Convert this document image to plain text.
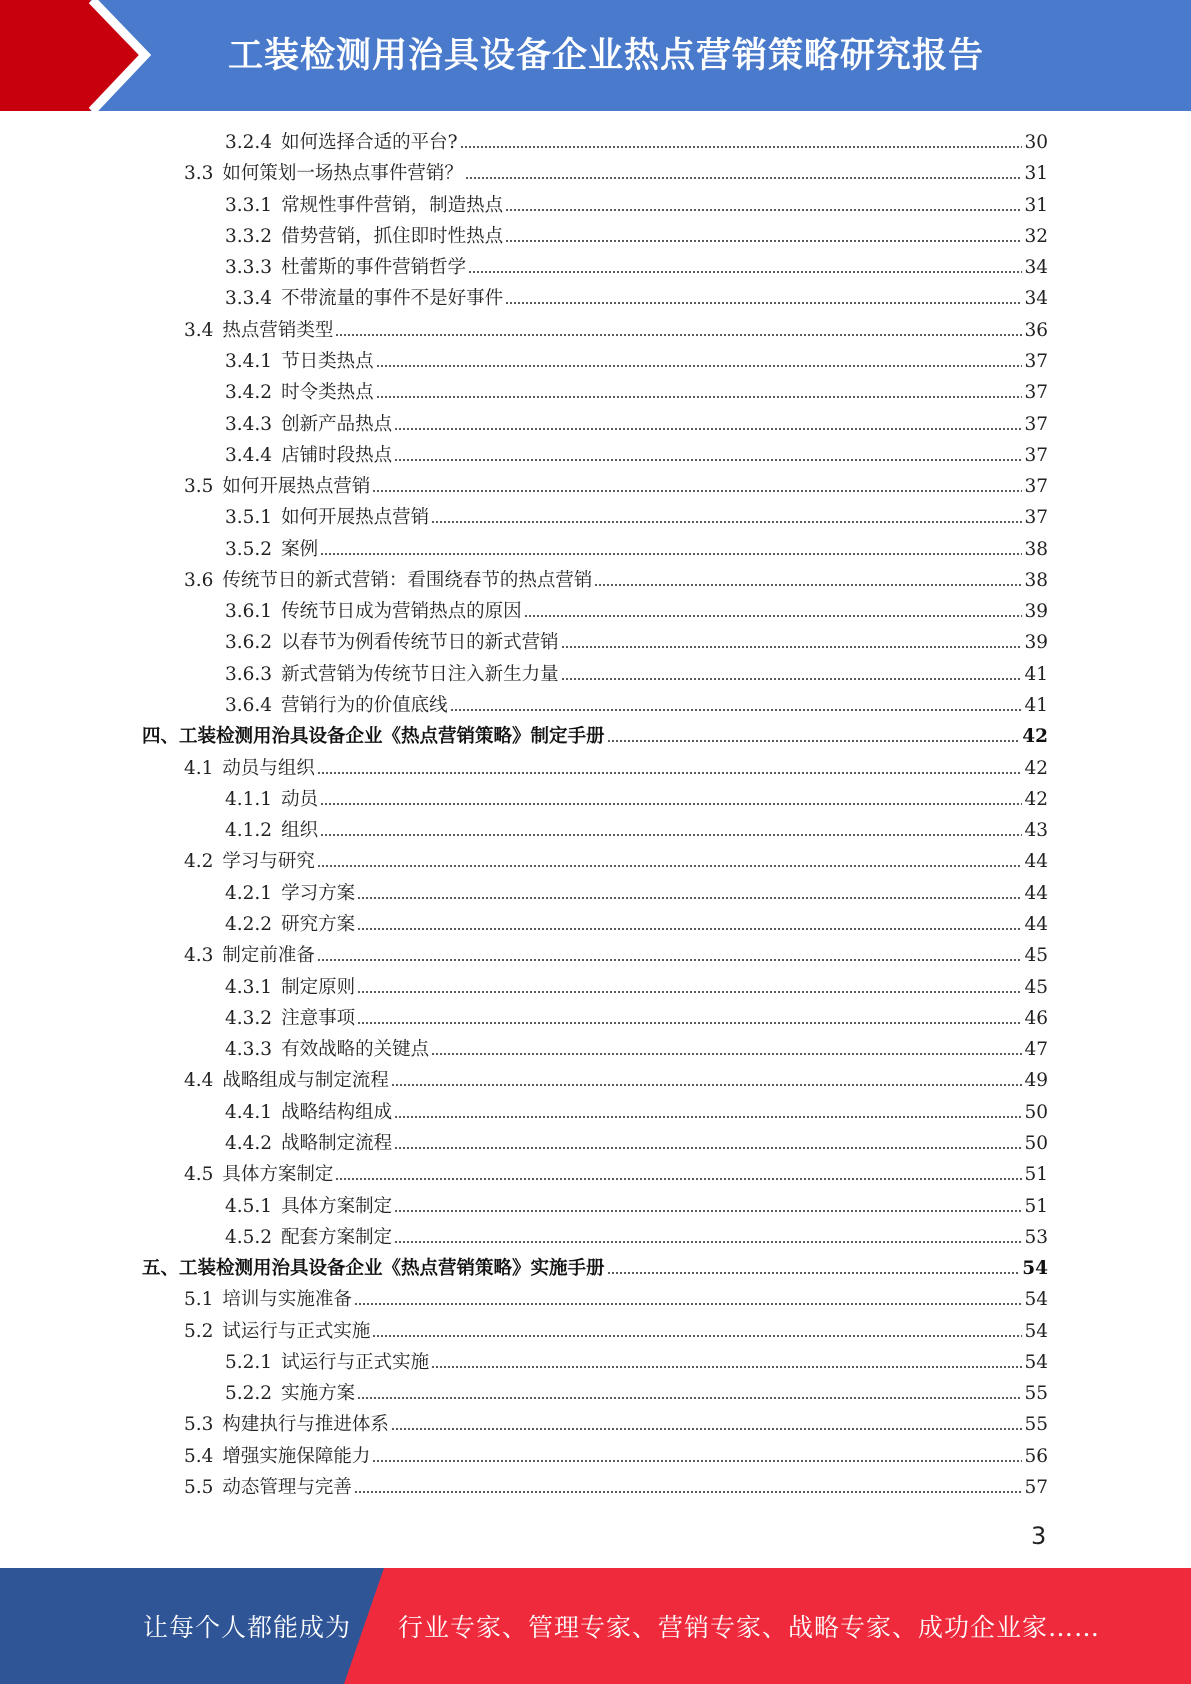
工装检测用治具设备企业热点营销策略研究报告
3.2.4 如何选择合适的平台?	30
3.3 如何策划一场热点事件营销？	31
3.3.1 常规性事件营销，制造热点	31
3.3.2 借势营销，抓住即时性热点	32
3.3.3 杜蕾斯的事件营销哲学	34
3.3.4 不带流量的事件不是好事件	34
3.4 热点营销类型	36
3.4.1 节日类热点	37
3.4.2 时令类热点	37
3.4.3 创新产品热点	37
3.4.4 店铺时段热点	37
3.5 如何开展热点营销	37
3.5.1 如何开展热点营销	37
3.5.2 案例	38
3.6 传统节日的新式营销：看围绕春节的热点营销	38
3.6.1 传统节日成为营销热点的原因	39
3.6.2 以春节为例看传统节日的新式营销	39
3.6.3 新式营销为传统节日注入新生力量	41
3.6.4 营销行为的价值底线	41
四、 工装检测用治具设备企业《热点营销策略》制定手册	42
4.1 动员与组织	42
4.1.1 动员	42
4.1.2 组织	43
4.2 学习与研究	44
4.2.1 学习方案	44
4.2.2 研究方案	44
4.3 制定前准备	45
4.3.1 制定原则	45
4.3.2 注意事项	46
4.3.3 有效战略的关键点	47
4.4 战略组成与制定流程	49
4.4.1 战略结构组成	50
4.4.2 战略制定流程	50
4.5 具体方案制定	51
4.5.1 具体方案制定	51
4.5.2 配套方案制定	53
五、 工装检测用治具设备企业《热点营销策略》实施手册	54
5.1 培训与实施准备	54
5.2 试运行与正式实施	54
5.2.1 试运行与正式实施	54
5.2.2 实施方案	55
5.3 构建执行与推进体系	55
5.4 增强实施保障能力	56
5.5 动态管理与完善	57
3
让每个人都能成为 行业专家、管理专家、营销专家、战略专家、成功企业家……
